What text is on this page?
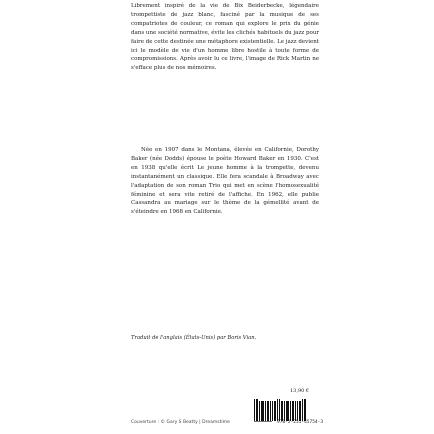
Librement inspiré de la vie de Bix Beiderbecke, légendaire trompettiste de jazz blanc, fasciné par la musique de ses compatriotes de couleur, ce roman qui explore le prix du génie dans une société normative, évite les clichés habituels du jazz pour faire de cette destinée une métaphore existentielle. Le jazz devient ici le modèle de vie d'un homme libre hostile à toute forme de compromissions. Après avoir lu ce livre, l'image de Rick Martin ne s'efface plus de nos mémoires.

Née en 1907 dans le Montana, élevée en Californie, Dorothy Baker (née Dodds) épouse le poète Howard Baker en 1930. C'est en 1938 qu'elle écrit Le jeune homme à la trompette, devenu instantanément un classique. Elle fera scandale à Broadway avec l'adaptation de son roman Trio qui met en scène l'homosexualité féminine et sera vite retiré de l'affiche. En 1962, elle publie Cassandra au mariage sur le thème de la gémellité avant de s'éteindre en 1968 en Californie.

Traduit de l'anglais (États-Unis) par Boris Vian.

13,90 €

Couverture : © Gary S Beatty | Dreamstime	978-2-251-45754-3
